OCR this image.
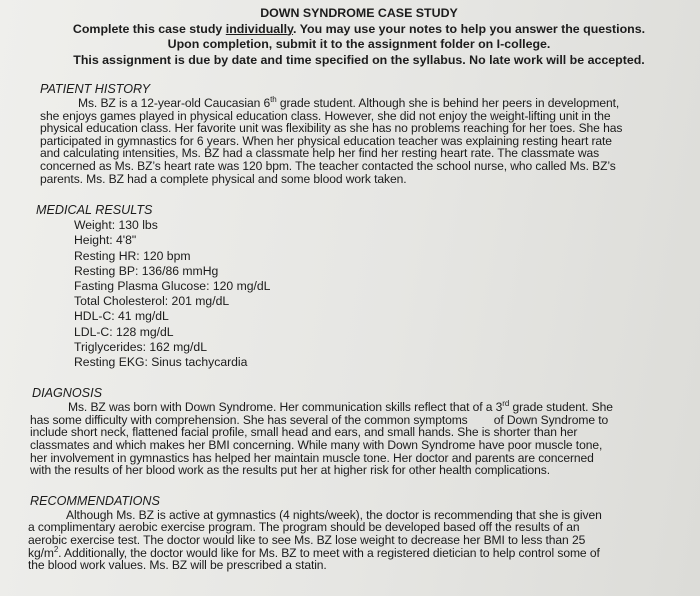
DOWN SYNDROME CASE STUDY
Complete this case study individually. You may use your notes to help you answer the questions.
Upon completion, submit it to the assignment folder on I-college.
This assignment is due by date and time specified on the syllabus. No late work will be accepted.
PATIENT HISTORY
Ms. BZ is a 12-year-old Caucasian 6th grade student. Although she is behind her peers in development,
she enjoys games played in physical education class. However, she did not enjoy the weight-lifting unit in the
physical education class. Her favorite unit was flexibility as she has no problems reaching for her toes. She has
participated in gymnastics for 6 years. When her physical education teacher was explaining resting heart rate
and calculating intensities, Ms. BZ had a classmate help her find her resting heart rate. The classmate was
concerned as Ms. BZ’s heart rate was 120 bpm. The teacher contacted the school nurse, who called Ms. BZ’s
parents. Ms. BZ had a complete physical and some blood work taken.
MEDICAL RESULTS
Weight: 130 lbs
Height: 4'8"
Resting HR: 120 bpm
Resting BP: 136/86 mmHg
Fasting Plasma Glucose: 120 mg/dL
Total Cholesterol: 201 mg/dL
HDL-C: 41 mg/dL
LDL-C: 128 mg/dL
Triglycerides: 162 mg/dL
Resting EKG: Sinus tachycardia
DIAGNOSIS
Ms. BZ was born with Down Syndrome. Her communication skills reflect that of a 3rd grade student. She
has some difficulty with comprehension. She has several of the common symptoms        of Down Syndrome to
include short neck, flattened facial profile, small head and ears, and small hands. She is shorter than her
classmates and which makes her BMI concerning. While many with Down Syndrome have poor muscle tone,
her involvement in gymnastics has helped her maintain muscle tone. Her doctor and parents are concerned
with the results of her blood work as the results put her at higher risk for other health complications.
RECOMMENDATIONS
Although Ms. BZ is active at gymnastics (4 nights/week), the doctor is recommending that she is given
a complimentary aerobic exercise program. The program should be developed based off the results of an
aerobic exercise test. The doctor would like to see Ms. BZ lose weight to decrease her BMI to less than 25
$kg/m^2$. Additionally, the doctor would like for Ms. BZ to meet with a registered dietician to help control some of
the blood work values. Ms. BZ will be prescribed a statin.
